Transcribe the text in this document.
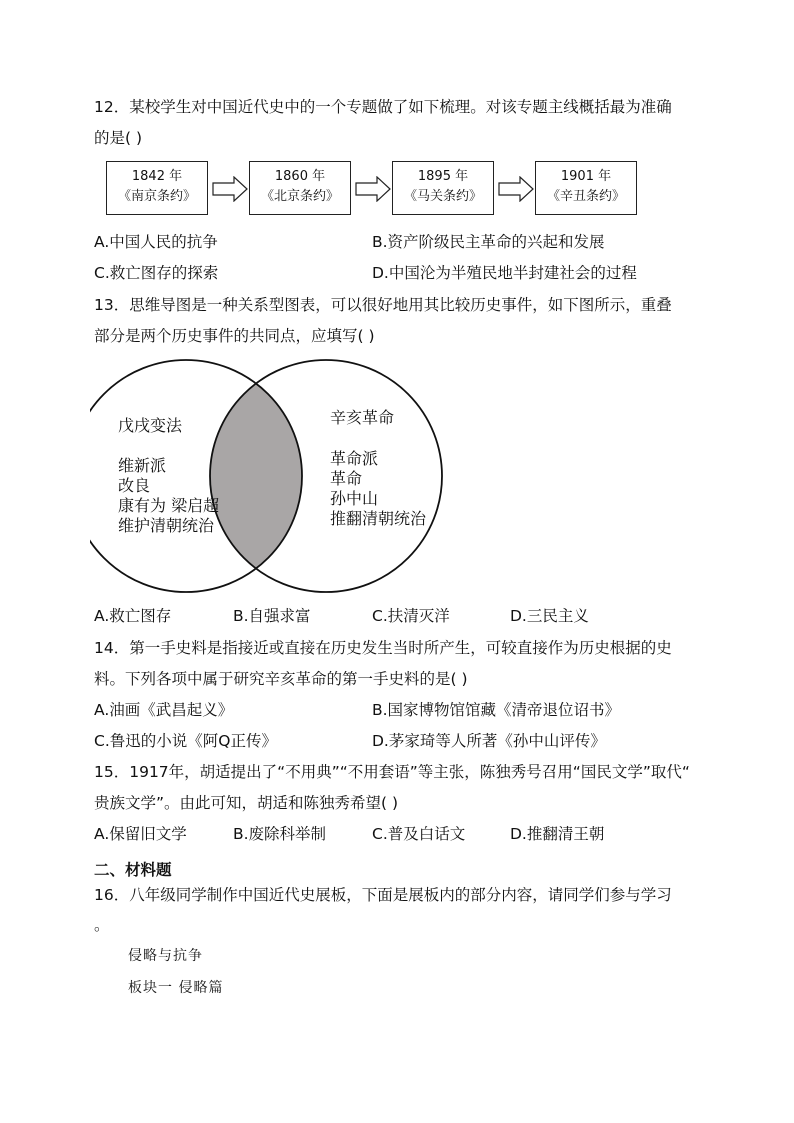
12．某校学生对中国近代史中的一个专题做了如下梳理。对该专题主线概括最为准确
的是( )
1842 年
《南京条约》
1860 年
《北京条约》
1895 年
《马关条约》
1901 年
《辛丑条约》
A.中国人民的抗争	B.资产阶级民主革命的兴起和发展
C.救亡图存的探索	D.中国沦为半殖民地半封建社会的过程
13．思维导图是一种关系型图表，可以很好地用其比较历史事件，如下图所示，重叠
部分是两个历史事件的共同点，应填写( )
戊戌变法
维新派
改良
康有为 梁启超
维护清朝统治
辛亥革命
革命派
革命
孙中山
推翻清朝统治
A.救亡图存	B.自强求富	C.扶清灭洋	D.三民主义
14．第一手史料是指接近或直接在历史发生当时所产生，可较直接作为历史根据的史
料。下列各项中属于研究辛亥革命的第一手史料的是( )
A.油画《武昌起义》	B.国家博物馆馆藏《清帝退位诏书》
C.鲁迅的小说《阿Q正传》	D.茅家琦等人所著《孙中山评传》
15．1917年，胡适提出了“不用典”“不用套语”等主张，陈独秀号召用“国民文学”取代“
贵族文学”。由此可知，胡适和陈独秀希望( )
A.保留旧文学	B.废除科举制	C.普及白话文	D.推翻清王朝
二、材料题
16．八年级同学制作中国近代史展板，下面是展板内的部分内容，请同学们参与学习
。
侵略与抗争
板块一 侵略篇
